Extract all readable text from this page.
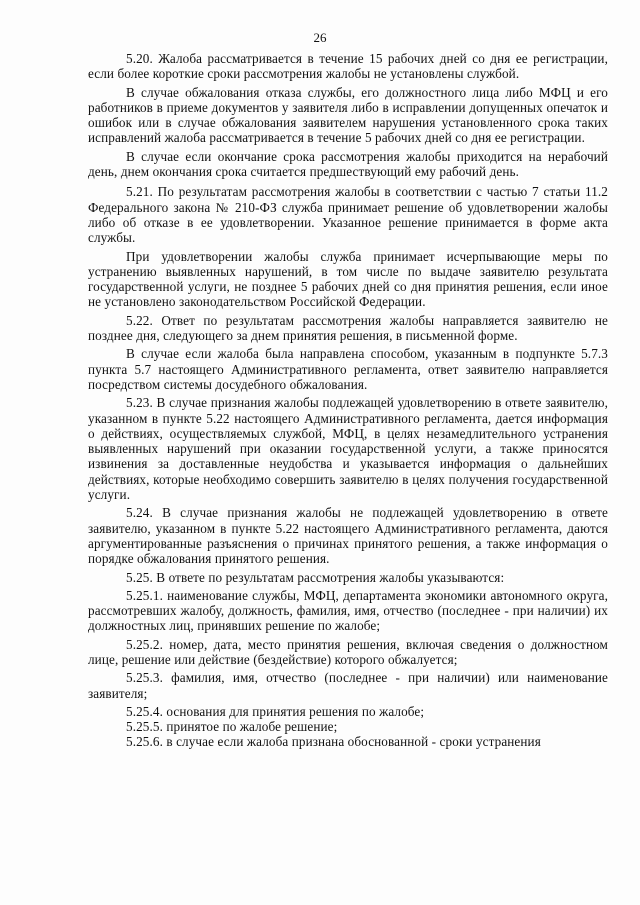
26

5.20. Жалоба рассматривается в течение 15 рабочих дней со дня ее регистрации, если более короткие сроки рассмотрения жалобы не установлены службой.

В случае обжалования отказа службы, его должностного лица либо МФЦ и его работников в приеме документов у заявителя либо в исправлении допущенных опечаток и ошибок или в случае обжалования заявителем нарушения установленного срока таких исправлений жалоба рассматривается в течение 5 рабочих дней со дня ее регистрации.

В случае если окончание срока рассмотрения жалобы приходится на нерабочий день, днем окончания срока считается предшествующий ему рабочий день.

5.21. По результатам рассмотрения жалобы в соответствии с частью 7 статьи 11.2 Федерального закона № 210-ФЗ служба принимает решение об удовлетворении жалобы либо об отказе в ее удовлетворении. Указанное решение принимается в форме акта службы.

При удовлетворении жалобы служба принимает исчерпывающие меры по устранению выявленных нарушений, в том числе по выдаче заявителю результата государственной услуги, не позднее 5 рабочих дней со дня принятия решения, если иное не установлено законодательством Российской Федерации.

5.22. Ответ по результатам рассмотрения жалобы направляется заявителю не позднее дня, следующего за днем принятия решения, в письменной форме.

В случае если жалоба была направлена способом, указанным в подпункте 5.7.3 пункта 5.7 настоящего Административного регламента, ответ заявителю направляется посредством системы досудебного обжалования.

5.23. В случае признания жалобы подлежащей удовлетворению в ответе заявителю, указанном в пункте 5.22 настоящего Административного регламента, дается информация о действиях, осуществляемых службой, МФЦ, в целях незамедлительного устранения выявленных нарушений при оказании государственной услуги, а также приносятся извинения за доставленные неудобства и указывается информация о дальнейших действиях, которые необходимо совершить заявителю в целях получения государственной услуги.

5.24. В случае признания жалобы не подлежащей удовлетворению в ответе заявителю, указанном в пункте 5.22 настоящего Административного регламента, даются аргументированные разъяснения о причинах принятого решения, а также информация о порядке обжалования принятого решения.

5.25. В ответе по результатам рассмотрения жалобы указываются:

5.25.1. наименование службы, МФЦ, департамента экономики автономного округа, рассмотревших жалобу, должность, фамилия, имя, отчество (последнее - при наличии) их должностных лиц, принявших решение по жалобе;

5.25.2. номер, дата, место принятия решения, включая сведения о должностном лице, решение или действие (бездействие) которого обжалуется;

5.25.3. фамилия, имя, отчество (последнее - при наличии) или наименование заявителя;

5.25.4. основания для принятия решения по жалобе;

5.25.5. принятое по жалобе решение;

5.25.6. в случае если жалоба признана обоснованной - сроки устранения
